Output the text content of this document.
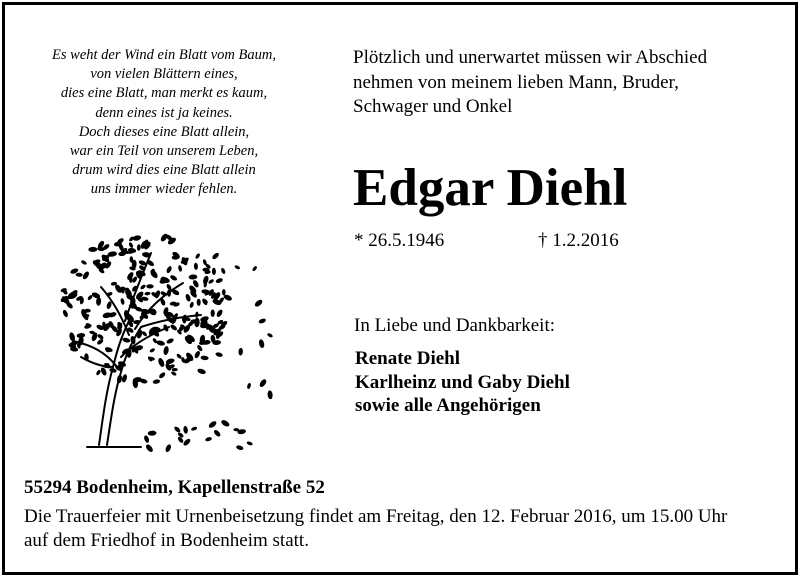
Es weht der Wind ein Blatt vom Baum,
von vielen Blättern eines,
dies eine Blatt, man merkt es kaum,
denn eines ist ja keines.
Doch dieses eine Blatt allein,
war ein Teil von unserem Leben,
drum wird dies eine Blatt allein
uns immer wieder fehlen.
Plötzlich und unerwartet müssen wir Abschied
nehmen von meinem lieben Mann, Bruder,
Schwager und Onkel
Edgar Diehl
* 26.5.1946	† 1.2.2016
In Liebe und Dankbarkeit:
Renate Diehl
Karlheinz und Gaby Diehl
sowie alle Angehörigen
55294 Bodenheim, Kapellenstraße 52
Die Trauerfeier mit Urnenbeisetzung findet am Freitag, den 12. Februar 2016, um 15.00 Uhr
auf dem Friedhof in Bodenheim statt.
